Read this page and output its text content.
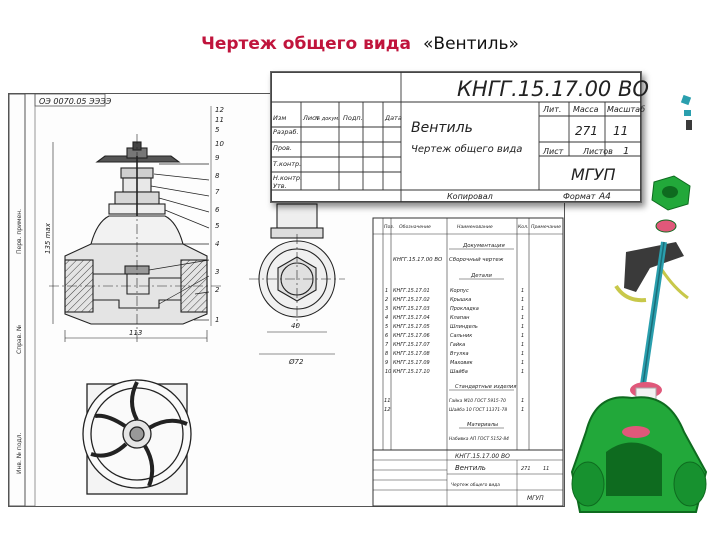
Чертеж общего вида «Вентиль»
Перв. примен.
Справ. №
Инв. № подл.
ОЭ 0070.05 ЭЭЭЭ
12
11
5
10
9
8
7
6
5
4
3
2
1
113
135 max
40
Ø72
Поз. Обозначение	Наименование	Кол. Примечание
Документация
КНГГ.15.17.00 ВО Сборочный чертеж
Детали
1 КНГГ.15.17.01	Корпус	1
2 КНГГ.15.17.02	Крышка	1
3 КНГГ.15.17.03	Прокладка	1
4 КНГГ.15.17.04	Клапан	1
5 КНГГ.15.17.05	Шпиндель	1
6 КНГГ.15.17.06	Сальник	1
7 КНГГ.15.17.07	Гайка	1
8 КНГГ.15.17.08	Втулка	1
9 КНГГ.15.17.09	Маховик	1
10 КНГГ.15.17.10	Шайба	1
Стандартные изделия
11	Гайка М10 ГОСТ 5915-70	1
12	Шайба 10 ГОСТ 11371-78	1
Материалы
Набивка АП ГОСТ 5152-84
КНГГ.15.17.00 ВО
Вентиль
Чертеж общего вида
271 11
МГУП
КНГГ.15.17.00 ВО
Вентиль
Чертеж общего вида
Лит. Масса Масштаб
Лист Листов 1
Копировал	Формат А4
271 11
МГУП
Изм	Лист
№ докум. Подп.	Дата
Разраб.
Пров.
Т.контр.
Н.контр.
Утв.
